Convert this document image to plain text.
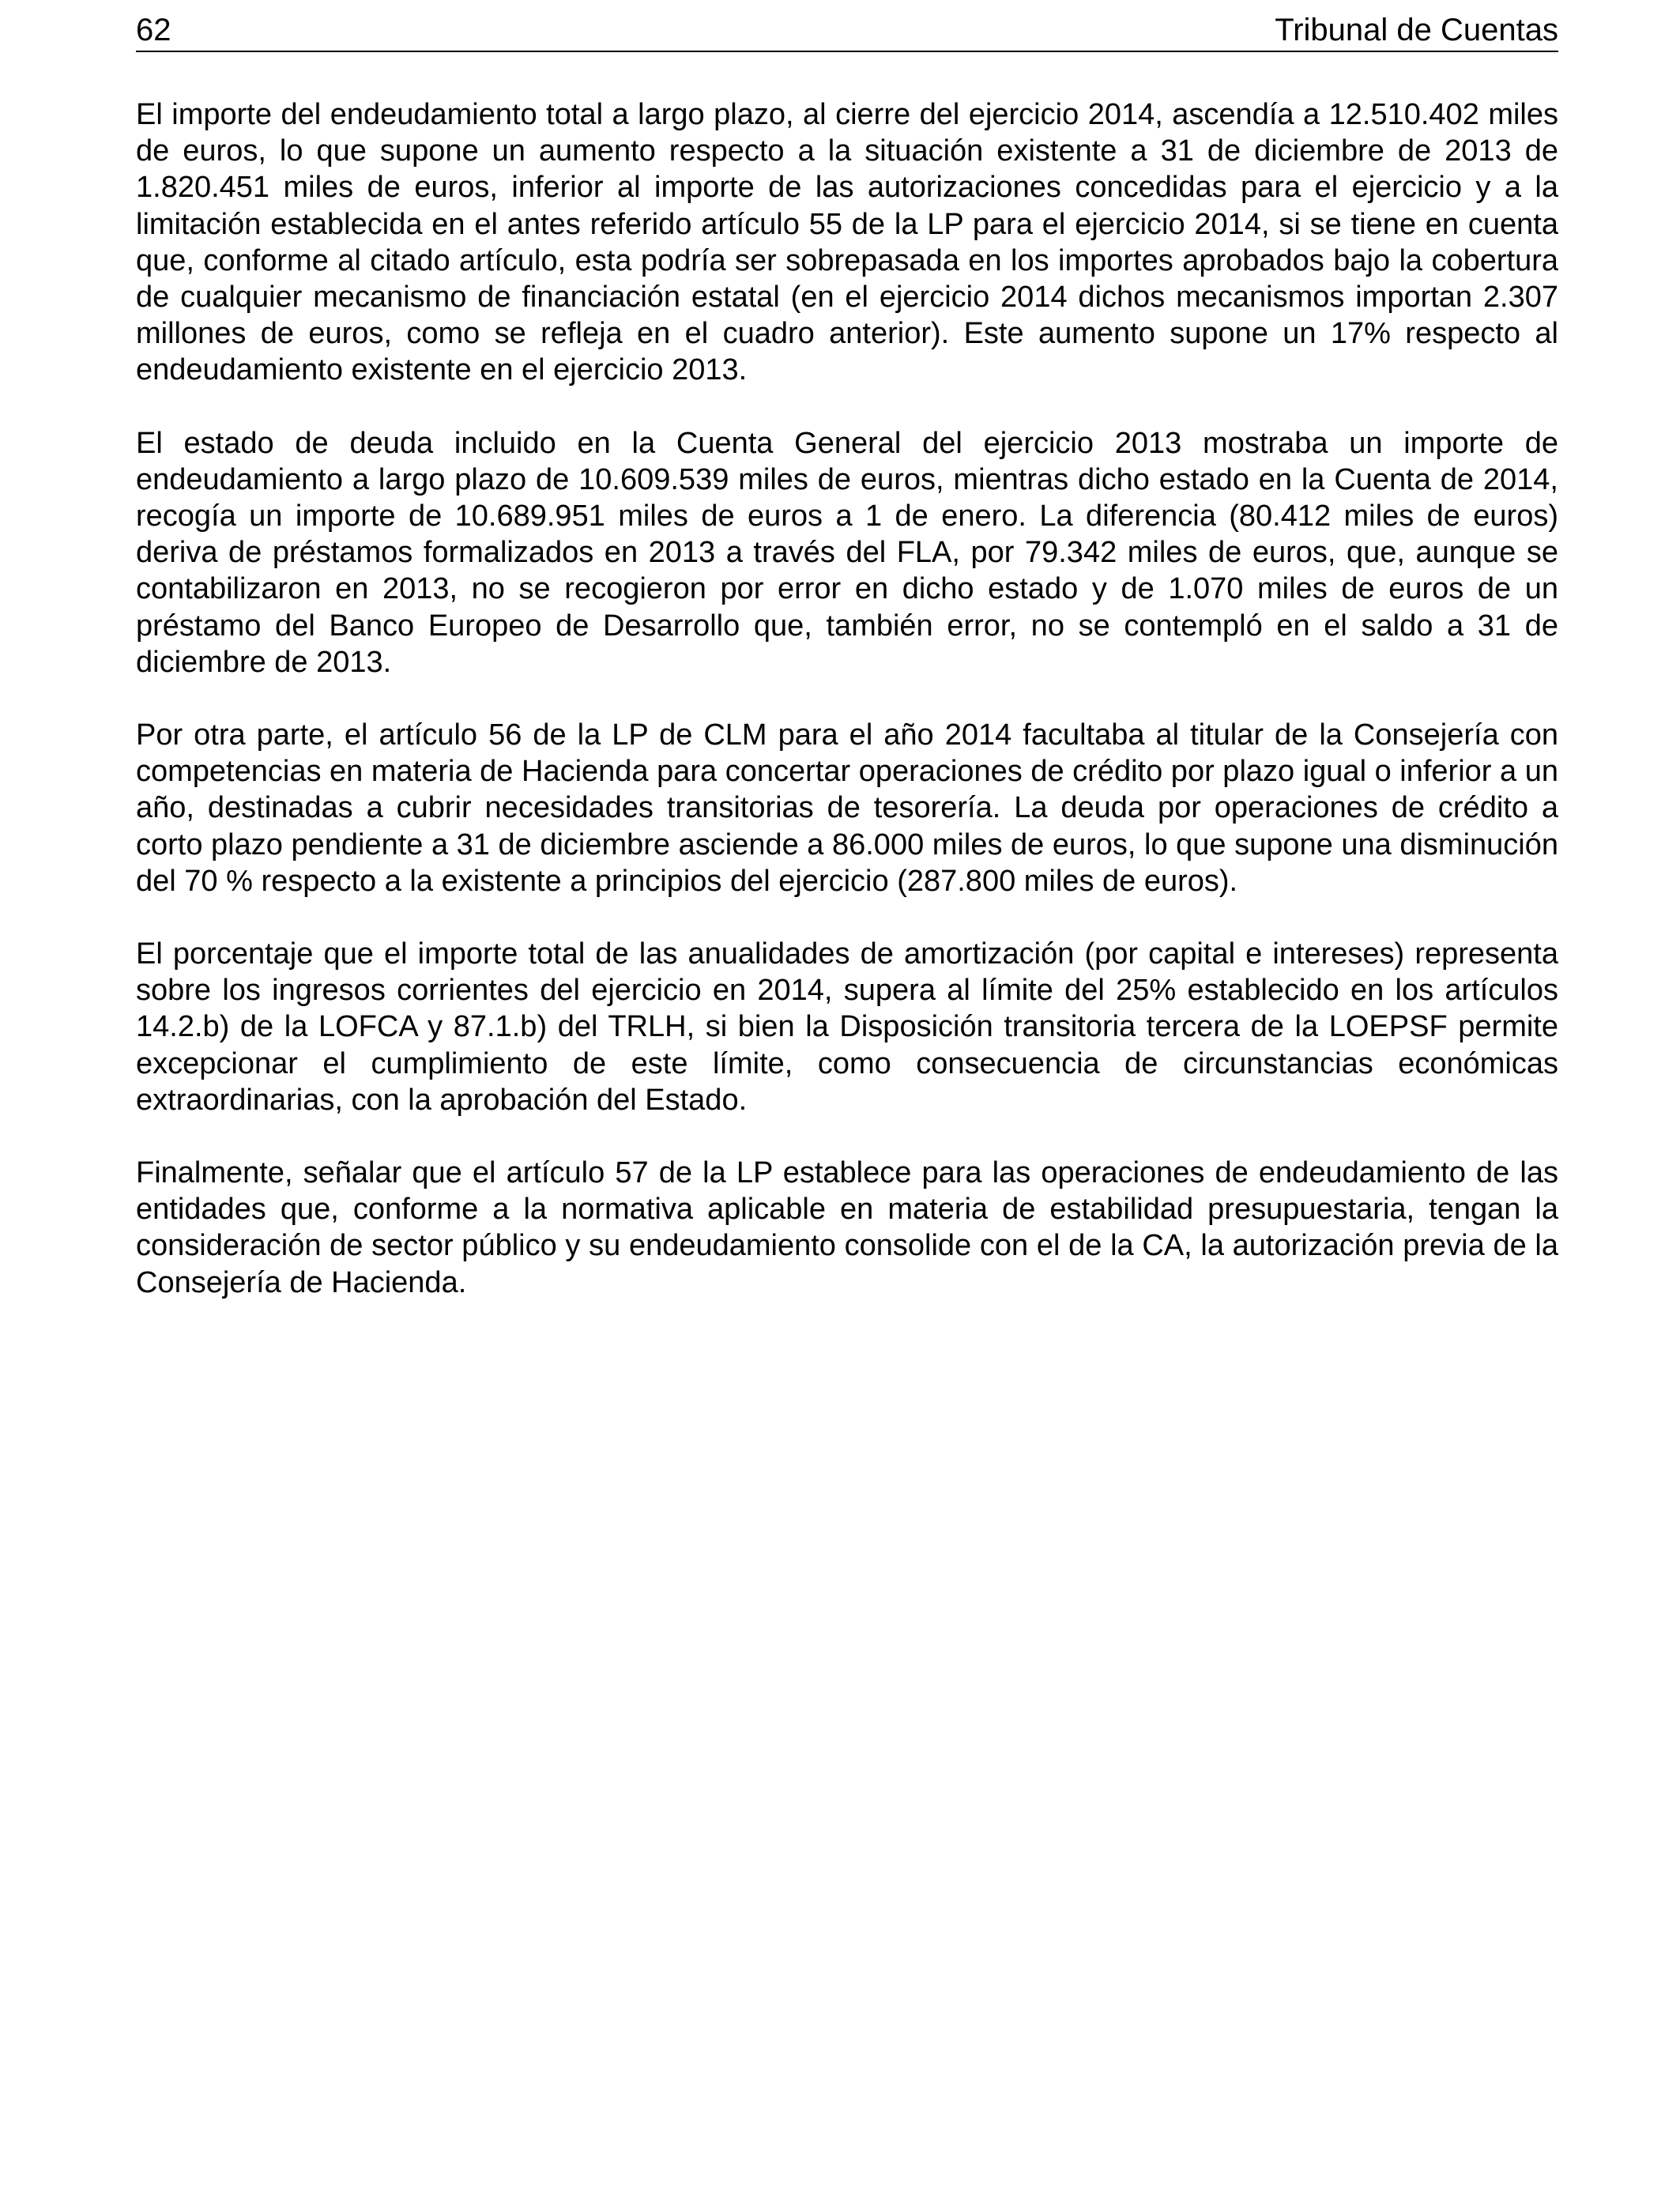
62	Tribunal de Cuentas

El importe del endeudamiento total a largo plazo, al cierre del ejercicio 2014, ascendía a 12.510.402 miles de euros, lo que supone un aumento respecto a la situación existente a 31 de diciembre de 2013 de 1.820.451 miles de euros, inferior al importe de las autorizaciones concedidas para el ejercicio y a la limitación establecida en el antes referido artículo 55 de la LP para el ejercicio 2014, si se tiene en cuenta que, conforme al citado artículo, esta podría ser sobrepasada en los importes aprobados bajo la cobertura de cualquier mecanismo de financiación estatal (en el ejercicio 2014 dichos mecanismos importan 2.307 millones de euros, como se refleja en el cuadro anterior). Este aumento supone un 17% respecto al endeudamiento existente en el ejercicio 2013.

El estado de deuda incluido en la Cuenta General del ejercicio 2013 mostraba un importe de endeudamiento a largo plazo de 10.609.539 miles de euros, mientras dicho estado en la Cuenta de 2014, recogía un importe de 10.689.951 miles de euros a 1 de enero. La diferencia (80.412 miles de euros) deriva de préstamos formalizados en 2013 a través del FLA, por 79.342 miles de euros, que, aunque se contabilizaron en 2013, no se recogieron por error en dicho estado y de 1.070 miles de euros de un préstamo del Banco Europeo de Desarrollo que, también error, no se contempló en el saldo a 31 de diciembre de 2013.

Por otra parte, el artículo 56 de la LP de CLM para el año 2014 facultaba al titular de la Consejería con competencias en materia de Hacienda para concertar operaciones de crédito por plazo igual o inferior a un año, destinadas a cubrir necesidades transitorias de tesorería. La deuda por operaciones de crédito a corto plazo pendiente a 31 de diciembre asciende a 86.000 miles de euros, lo que supone una disminución del 70 % respecto a la existente a principios del ejercicio (287.800 miles de euros).

El porcentaje que el importe total de las anualidades de amortización (por capital e intereses) representa sobre los ingresos corrientes del ejercicio en 2014, supera al límite del 25% establecido en los artículos 14.2.b) de la LOFCA y 87.1.b) del TRLH, si bien la Disposición transitoria tercera de la LOEPSF permite excepcionar el cumplimiento de este límite, como consecuencia de circunstancias económicas extraordinarias, con la aprobación del Estado.

Finalmente, señalar que el artículo 57 de la LP establece para las operaciones de endeudamiento de las entidades que, conforme a la normativa aplicable en materia de estabilidad presupuestaria, tengan la consideración de sector público y su endeudamiento consolide con el de la CA, la autorización previa de la Consejería de Hacienda.
